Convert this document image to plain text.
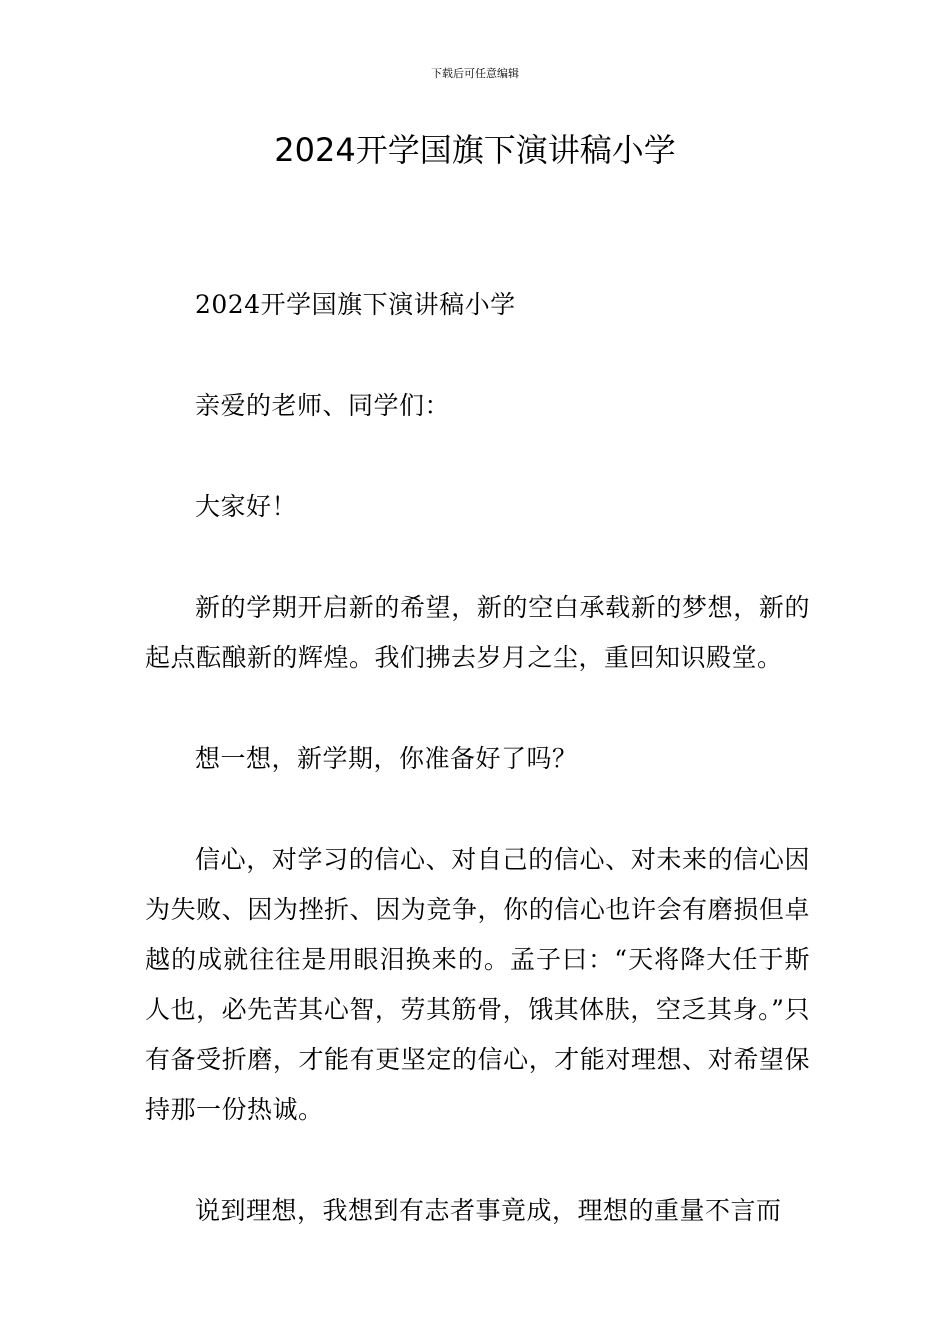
下载后可任意编辑
2024开学国旗下演讲稿小学

2024开学国旗下演讲稿小学

亲爱的老师、同学们：

大家好！

新的学期开启新的希望，新的空白承载新的梦想，新的起点酝酿新的辉煌。我们拂去岁月之尘，重回知识殿堂。

想一想，新学期，你准备好了吗？

信心，对学习的信心、对自己的信心、对未来的信心因为失败、因为挫折、因为竞争，你的信心也许会有磨损但卓越的成就往往是用眼泪换来的。孟子曰：“天将降大任于斯人也，必先苦其心智，劳其筋骨，饿其体肤，空乏其身。”只有备受折磨，才能有更坚定的信心，才能对理想、对希望保持那一份热诚。

说到理想，我想到有志者事竟成，理想的重量不言而
